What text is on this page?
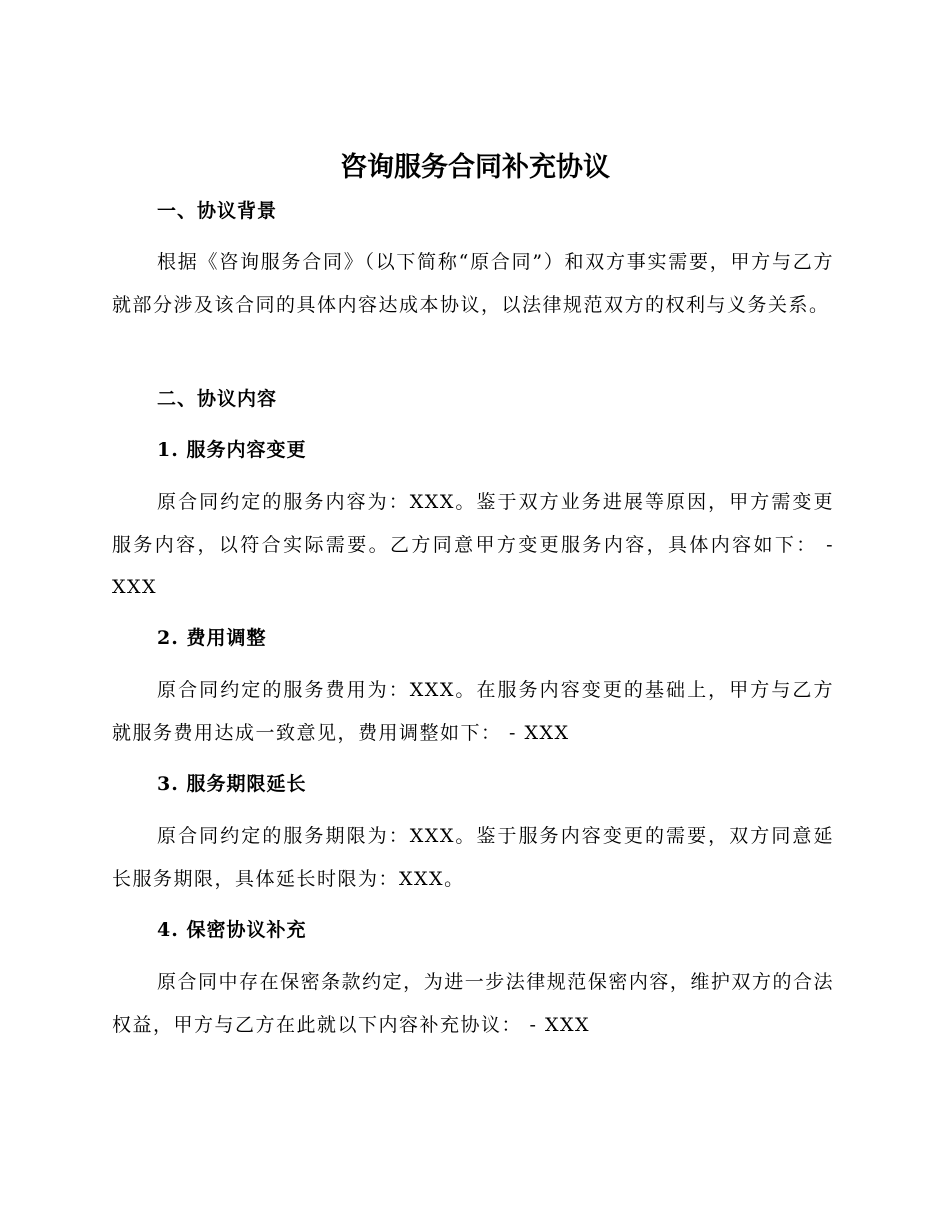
咨询服务合同补充协议
一、协议背景
根据《咨询服务合同》（以下简称“原合同”）和双方事实需要，甲方与乙方就部分涉及该合同的具体内容达成本协议，以法律规范双方的权利与义务关系。
二、协议内容
1. 服务内容变更
原合同约定的服务内容为：XXX。鉴于双方业务进展等原因，甲方需变更服务内容，以符合实际需要。乙方同意甲方变更服务内容，具体内容如下： - XXX
2. 费用调整
原合同约定的服务费用为：XXX。在服务内容变更的基础上，甲方与乙方就服务费用达成一致意见，费用调整如下： - XXX
3. 服务期限延长
原合同约定的服务期限为：XXX。鉴于服务内容变更的需要，双方同意延长服务期限，具体延长时限为：XXX。
4. 保密协议补充
原合同中存在保密条款约定，为进一步法律规范保密内容，维护双方的合法权益，甲方与乙方在此就以下内容补充协议： - XXX
